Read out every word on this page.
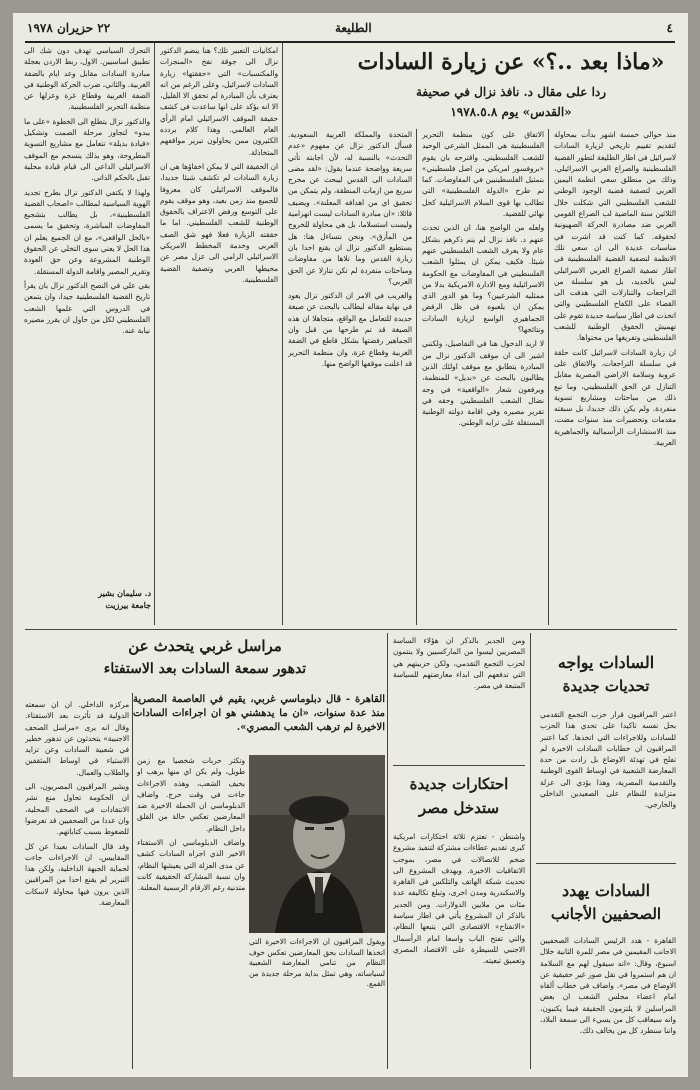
٤
الطليعة
٢٢ حزيران ١٩٧٨
«ماذا بعد ..؟» عن زيارة السادات
ردا على مقال د. نافذ نزال في صحيفة
«القدس» يوم ١٩٧٨.٥.٨

منذ حوالي خمسة اشهر بدأت بمحاولة لتقديم تقييم تاريخي لزيارة السادات لاسرائيل في اطار الطليعة لتطور القضية الفلسطينية والصراع العربي الاسرائيلي، وذلك من منطلق سعي انظمة اليمين العربي لتصفية قضية الوجود الوطني للشعب الفلسطيني التي شكلت خلال الثلاثين سنة الماضية لب الصراع القومي العربي ضد مصادرة الحركة الصهيونية لحقوقه. كما كنت قد اشرت في مناسبات عديدة الى ان سعي تلك الانظمة لتصفية القضية الفلسطينية في اطار تصفية الصراع العربي الاسرائيلي ليس بالجديد، بل هو سلسلة من التراجعات والتنازلات التي هدفت الى القضاء على الكفاح الفلسطيني والتي اتخذت في اطار سياسة جديدة تقوم على تهميش الحقوق الوطنية للشعب الفلسطيني وتفريغها من محتواها.

ان زيارة السادات لاسرائيل كانت حلقة في سلسلة التراجعات، والاتفاق على عروبة وسلامة الاراضي المصرية مقابل التنازل عن الحق الفلسطيني، وما تبع ذلك من مباحثات ومشاريع تسوية منفردة. ولم يكن ذلك جديدا، بل سبقته مقدمات وتحضيرات منذ سنوات مضت، منذ الاستشارات الرأسمالية والجماهيرية العربية.

الاتفاق على كون منظمة التحرير الفلسطينية هي الممثل الشرعي الوحيد للشعب الفلسطيني. واقترحه بان يقوم «بروفسور امريكي من اصل فلسطيني» بتمثيل الفلسطينيين في المفاوضات. كما تم طرح «الدولة الفلسطينية» التي تطالب بها قوى السلام الاسرائيلية كحل نهائي للقضية.

ولعله من الواضح هنا، ان الذين تحدث عنهم د. نافذ نزال لم يتم ذكرهم بشكل عام ولا يعرف الشعب الفلسطيني عنهم شيئا. فكيف يمكن ان يمثلوا الشعب الفلسطيني في المفاوضات مع الحكومة الاسرائيلية ومع الادارة الامريكية بدلا من ممثليه الشرعيين؟ وما هو الدور الذي يمكن ان يلعبوه في ظل الرفض الجماهيري الواسع لزيارة السادات ونتائجها؟

لا اريد الدخول هنا في التفاصيل، ولكنني اشير الى ان موقف الدكتور نزال من المبادرة يتطابق مع موقف اولئك الذين يطالبون بالبحث عن «بديل» للمنظمة، ويرفعون شعار «الواقعية» في وجه نضال الشعب الفلسطيني وحقه في تقرير مصيره وفي اقامة دولته الوطنية المستقلة على ترابه الوطني.

المتحدة والمملكة العربية السعودية. فسأل الدكتور نزال عن مفهوم «عدم التحدث» بالنسبة له، لأن اجابته تأتي سريعة وواضحة عندما يقول: «لقد مضى السادات الى القدس ليبحث عن مخرج سريع من ازمات المنطقة، ولم يتمكن من تحقيق اي من اهدافه المعلنة». ويضيف قائلا: «ان مبادرة السادات ليست انهزامية وليست استسلاما، بل هي محاولة للخروج من المأزق». ونحن نتساءل هنا: هل يستطيع الدكتور نزال ان يقنع احدا بان زيارة القدس وما تلاها من مفاوضات ومباحثات منفردة لم تكن تنازلا عن الحق العربي؟

والغريب في الامر ان الدكتور نزال يعود في نهاية مقاله ليطالب بالبحث عن صيغة جديدة للتعامل مع الواقع، متجاهلا ان هذه الصيغة قد تم طرحها من قبل وان الجماهير رفضتها بشكل قاطع في الضفة الغربية وقطاع غزة، وان منظمة التحرير قد اعلنت موقفها الواضح منها.

امكانيات التعبير تلك؟ هنا ينضم الدكتور نزال الى جوقة نفخ «المنجزات والمكتسبات» التي «حققتها» زيارة السادات لاسرائيل، وعلى الرغم من انه يعترف بأن المبادرة لم تحقق الا القليل، الا انه يؤكد على انها ساعدت في كشف حقيقة الموقف الاسرائيلي امام الرأي العام العالمي. وهذا كلام يردده الكثيرون ممن يحاولون تبرير مواقفهم المتخاذلة.

ان الحقيقة التي لا يمكن اخفاؤها هي ان زيارة السادات لم تكشف شيئا جديدا، فالموقف الاسرائيلي كان معروفا للجميع منذ زمن بعيد، وهو موقف يقوم على التوسع ورفض الاعتراف بالحقوق الوطنية للشعب الفلسطيني. اما ما حققته الزيارة فعلا فهو شق الصف العربي وخدمة المخطط الامريكي الاسرائيلي الرامي الى عزل مصر عن محيطها العربي وتصفية القضية الفلسطينية.

التحرك السياسي تهدف دون شك الى تطبيق اساسيين. الاول، ربط الاردن بعجلة مبادرة السادات مقابل وعد ايام بالضفة الغربية. والثاني، ضرب الحركة الوطنية في الضفة الغربية وقطاع غزة وعزلها عن منظمة التحرير الفلسطينية.

والدكتور نزال يتطلع الى الخطوة «على ما يبدو» لتجاوز مرحلة الصمت وتشكيل «قيادة بديلة» تتعامل مع مشاريع التسوية المطروحة، وهو بذلك ينسجم مع الموقف الاسرائيلي الداعي الى قيام قيادة محلية تقبل بالحكم الذاتي.

ولهذا لا يكتفي الدكتور نزال بطرح تجديد الهوية السياسية لمطالب «اصحاب القضية الفلسطينية»، بل يطالب بتشجيع المفاوضات المباشرة، وتحقيق ما يسمى «بالحل الواقعي»، مع ان الجميع يعلم ان هذا الحل لا يعني سوى التخلي عن الحقوق الوطنية المشروعة وعن حق العودة وتقرير المصير واقامة الدولة المستقلة.

بقي علي في النصح الدكتور نزال بان يقرأ تاريخ القضية الفلسطينية جيدا، وان يتمعن في الدروس التي علمها الشعب الفلسطيني لكل من حاول ان يقرر مصيره نيابة عنه.

د. سليمان بشير
جامعة بيرزيت
السادات يواجه
تحديات جديدة

اعتبر المراقبون قرار حزب التجمع التقدمي بحل نفسه تاكيدا على تحدي هذا الحزب للسادات وللاجراءات التي اتخذها. كما اعتبر المراقبون ان خطابات السادات الاخيرة لم تفلح في تهدئة الاوضاع بل زادت من حدة المعارضة الشعبية في اوساط القوى الوطنية والتقدمية المصرية، وهذا يؤدي الى عزلة متزايدة للنظام على الصعيدين الداخلي والخارجي.

السادات يهدد
الصحفيين الأجانب

القاهرة - هدد الرئيس السادات الصحفيين الاجانب المقيمين في مصر للمرة الثانية خلال اسبوع، وقال: «انه سيقول لهم مع السلامة ان هم استمروا في نقل صور غير حقيقية عن الاوضاع في مصر». واضاف في خطاب ألقاه امام اعضاء مجلس الشعب ان بعض المراسلين لا يلتزمون الحقيقة فيما يكتبون، وانه سيعاقب كل من يسيء الى سمعة البلاد، واننا سنطرد كل من يخالف ذلك.

ومن الجدير بالذكر ان هؤلاء الساسة المصريين ليسوا من الماركسيين ولا ينتمون لحزب التجمع التقدمي، ولكن حزبيتهم هي التي تدفعهم الى ابداء معارضتهم للسياسة المتبعة في مصر.

احتكارات جديدة
ستدخل مصر

واشنطن - تعتزم ثلاثة احتكارات امريكية كبرى تقديم عطاءات مشتركة لتنفيذ مشروع ضخم للاتصالات في مصر، بموجب الاتفاقيات الاخيرة. ويهدف المشروع الى تحديث شبكة الهاتف والتلكس في القاهرة والاسكندرية ومدن اخرى، وتبلغ تكاليفه عدة مئات من ملايين الدولارات. ومن الجدير بالذكر ان المشروع يأتي في اطار سياسة «الانفتاح» الاقتصادي التي يتبعها النظام، والتي تفتح الباب واسعا امام الرأسمال الاجنبي للسيطرة على الاقتصاد المصري وتعميق تبعيته.

مراسل غربي يتحدث عن
تدهور سمعة السادات بعد الاستفتاء

القاهرة - قال دبلوماسي غربي، يقيم في العاصمة المصرية منذ عدة سنوات، «ان ما يدهشني هو ان اجراءات السادات الاخيرة لم ترهب الشعب المصري».

مركزه الداخلي. ان ان سمعته الدولية قد تأثرت بعد الاستفتاء. وقال انه يرى «مراسل الصحف الاجنبية» يتحدثون عن تدهور خطير في شعبية السادات وعن تزايد الاستياء في اوساط المثقفين والطلاب والعمال.

ويشير المراقبون المصريون، الى ان الحكومة تحاول منع نشر الانتقادات في الصحف المحلية، وان عددا من الصحفيين قد تعرضوا للضغوط بسبب كتاباتهم.

وقد قال السادات بعيدا عن كل المقاييس، ان الاجراءات جاءت لحماية الجبهة الداخلية، ولكن هذا التبرير لم يقنع احدا من المراقبين الذين يرون فيها محاولة لاسكات المعارضة.

ويقول المراقبون ان الاجراءات الاخيرة التي اتخذها السادات بحق المعارضين تعكس خوف النظام من تنامي المعارضة الشعبية لسياساته، وهي تمثل بداية مرحلة جديدة من القمع.

وتكثر حربات شخصيا مع زمن طويل، ولم يكن اي منها يرهب او يخيف الشعب، وهذه الاجراءات جاءت في وقت حرج. واضاف الدبلوماسي ان الحملة الاخيرة ضد المعارضين تعكس حالة من القلق داخل النظام.

واضاف الدبلوماسي ان الاستفتاء الاخير الذي اجراه السادات كشف عن مدى العزلة التي يعيشها النظام، وان نسبة المشاركة الحقيقية كانت متدنية رغم الارقام الرسمية المعلنة.
